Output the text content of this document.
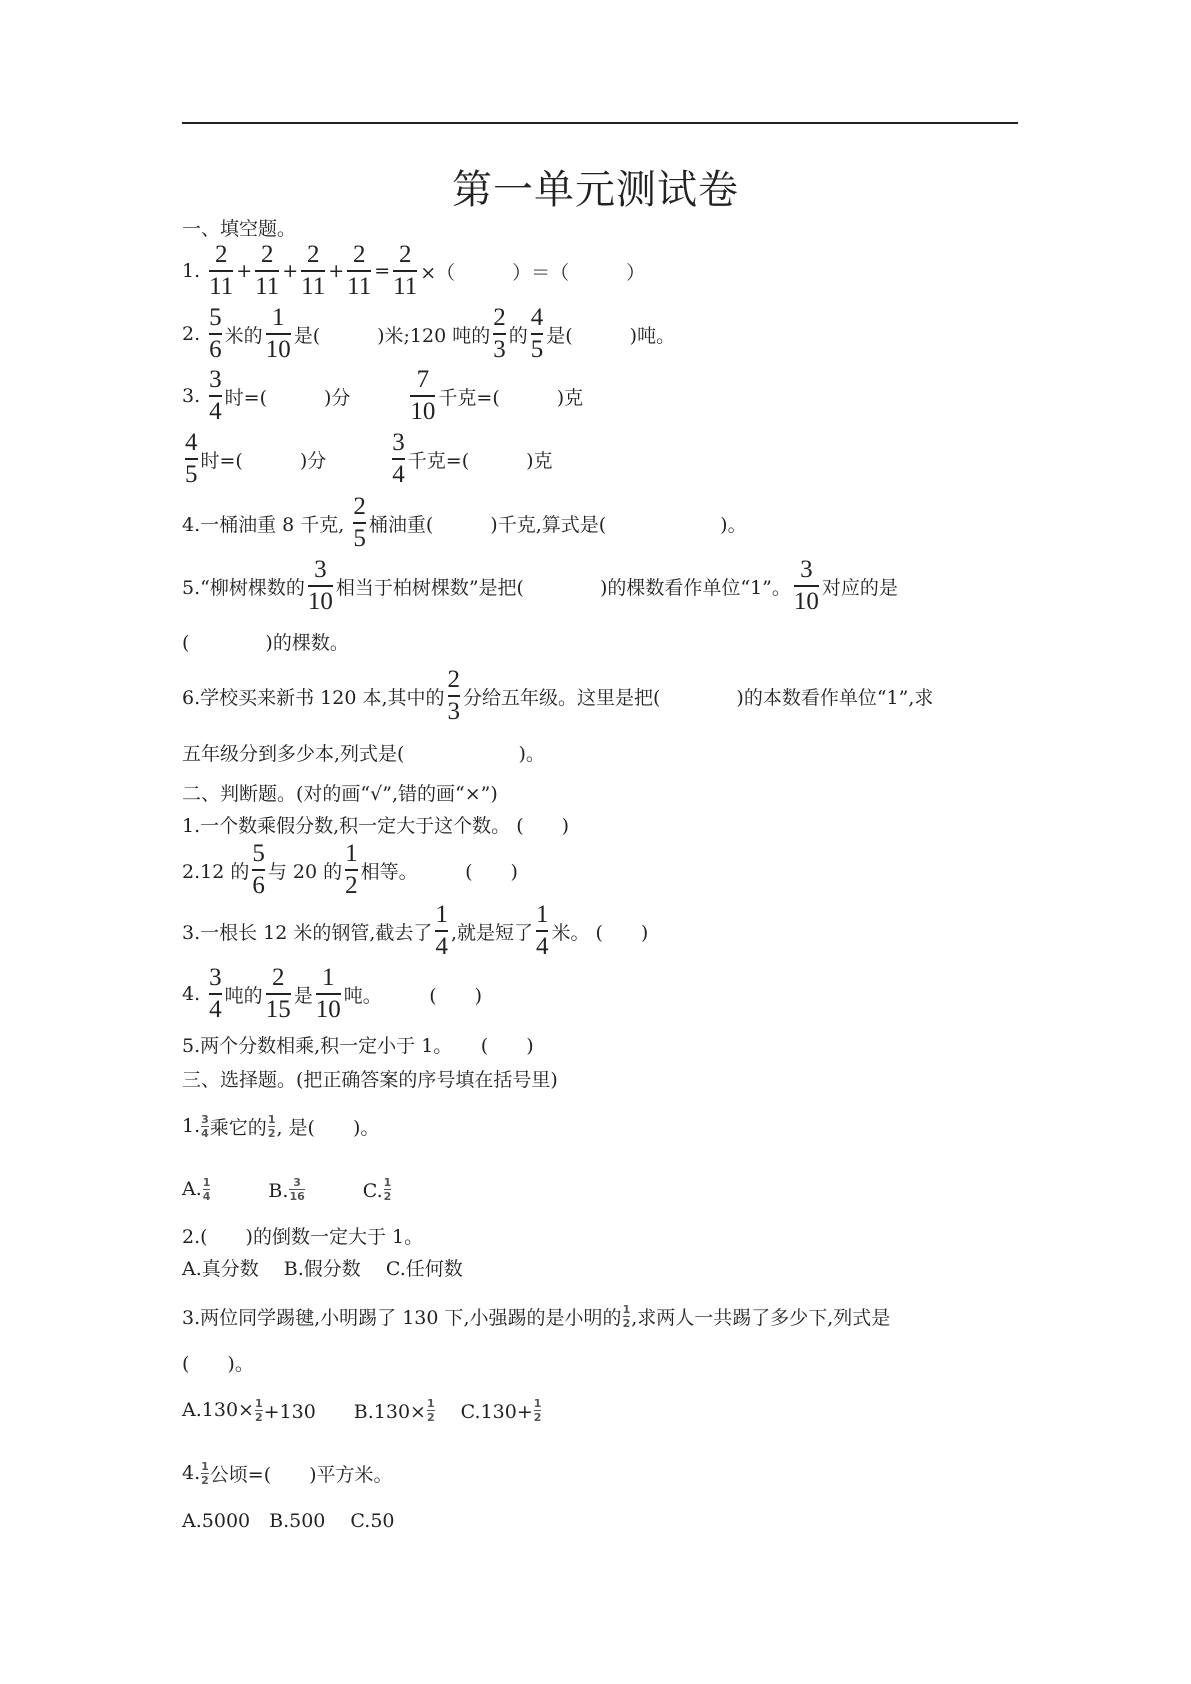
第一单元测试卷
一、填空题。
1. $\frac{2}{11} + \frac{2}{11} + \frac{2}{11} + \frac{2}{11} = \frac{2}{11}$ ×（　　　）＝（　　　）
2. $\frac{5}{6}$ 米的 $\frac{1}{10}$ 是(　　　)米;120 吨的 $\frac{2}{3}$ 的 $\frac{4}{5}$ 是(　　　)吨。
3. $\frac{3}{4}$ 时=(　　　)分　　　 $\frac{7}{10}$ 千克=(　　　)克
$\frac{4}{5}$ 时=(　　　)分　　　 $\frac{3}{4}$ 千克=(　　　)克
4.一桶油重 8 千克, $\frac{2}{5}$ 桶油重(　　　)千克,算式是(　　　　　　)。
5.“柳树棵数的 $\frac{3}{10}$ 相当于柏树棵数”是把(　　　　)的棵数看作单位“1”。 $\frac{3}{10}$ 对应的是
(　　　　)的棵数。
6.学校买来新书 120 本,其中的 $\frac{2}{3}$ 分给五年级。这里是把(　　　　)的本数看作单位“1”,求
五年级分到多少本,列式是(　　　　　　)。
二、判断题。(对的画“√”,错的画“×”)
1.一个数乘假分数,积一定大于这个数。 (　　)
2.12 的 $\frac{5}{6}$ 与 20 的 $\frac{1}{2}$ 相等。　　　(　　)
3.一根长 12 米的钢管,截去了 $\frac{1}{4}$ ,就是短了 $\frac{1}{4}$ 米。 (　　)
4. $\frac{3}{4}$ 吨的 $\frac{2}{15}$ 是 $\frac{1}{10}$ 吨。　　　(　　)
5.两个分数相乘,积一定小于 1。　　(　　)
三、选择题。(把正确答案的序号填在括号里)
1. $\frac{3}{4}$ 乘它的 $\frac{1}{2}$ , 是(　　)。
A. $\frac{1}{4}$ 　　　B. $\frac{3}{16}$ 　　　C. $\frac{1}{2}$
2.(　　)的倒数一定大于 1。
A.真分数　 B.假分数　 C.任何数
3.两位同学踢毽,小明踢了 130 下,小强踢的是小明的 $\frac{1}{2}$ ,求两人一共踢了多少下,列式是
(　　)。
$A.130\times \frac{1}{2} +130$　　$B.130\times \frac{1}{2}$ 　 $C.130+ \frac{1}{2}$
4. $\frac{1}{2}$ 公顷=(　　)平方米。
A.5000　B.500　 C.50
